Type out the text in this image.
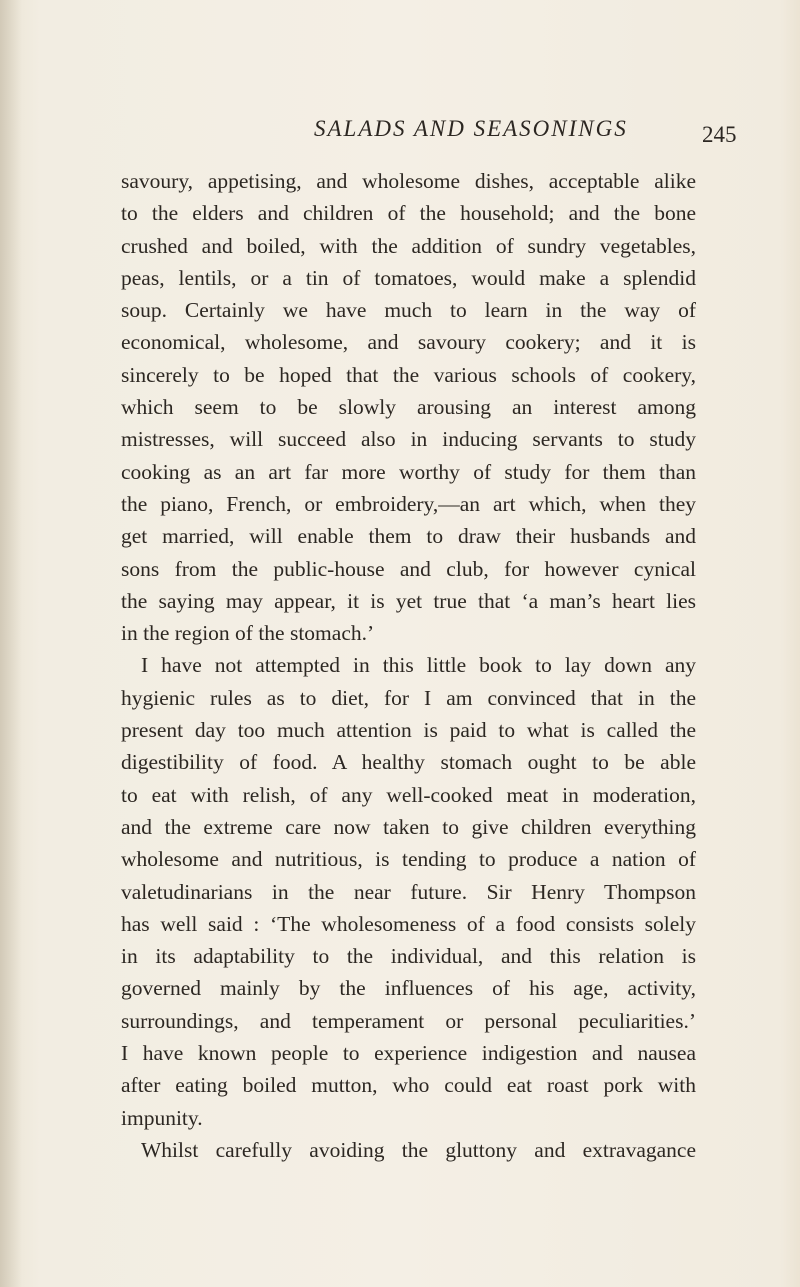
SALADS AND SEASONINGS	245
savoury, appetising, and wholesome dishes, acceptable alike
to the elders and children of the household; and the bone
crushed and boiled, with the addition of sundry vegetables,
peas, lentils, or a tin of tomatoes, would make a splendid
soup. Certainly we have much to learn in the way of
economical, wholesome, and savoury cookery; and it is
sincerely to be hoped that the various schools of cookery,
which seem to be slowly arousing an interest among
mistresses, will succeed also in inducing servants to study
cooking as an art far more worthy of study for them than
the piano, French, or embroidery,—an art which, when they
get married, will enable them to draw their husbands and
sons from the public-house and club, for however cynical
the saying may appear, it is yet true that ‘a man’s heart lies
in the region of the stomach.’
I have not attempted in this little book to lay down any
hygienic rules as to diet, for I am convinced that in the
present day too much attention is paid to what is called the
digestibility of food. A healthy stomach ought to be able
to eat with relish, of any well-cooked meat in moderation,
and the extreme care now taken to give children everything
wholesome and nutritious, is tending to produce a nation of
valetudinarians in the near future. Sir Henry Thompson
has well said : ‘The wholesomeness of a food consists solely
in its adaptability to the individual, and this relation is
governed mainly by the influences of his age, activity,
surroundings, and temperament or personal peculiarities.’
I have known people to experience indigestion and nausea
after eating boiled mutton, who could eat roast pork with
impunity.
Whilst carefully avoiding the gluttony and extravagance
